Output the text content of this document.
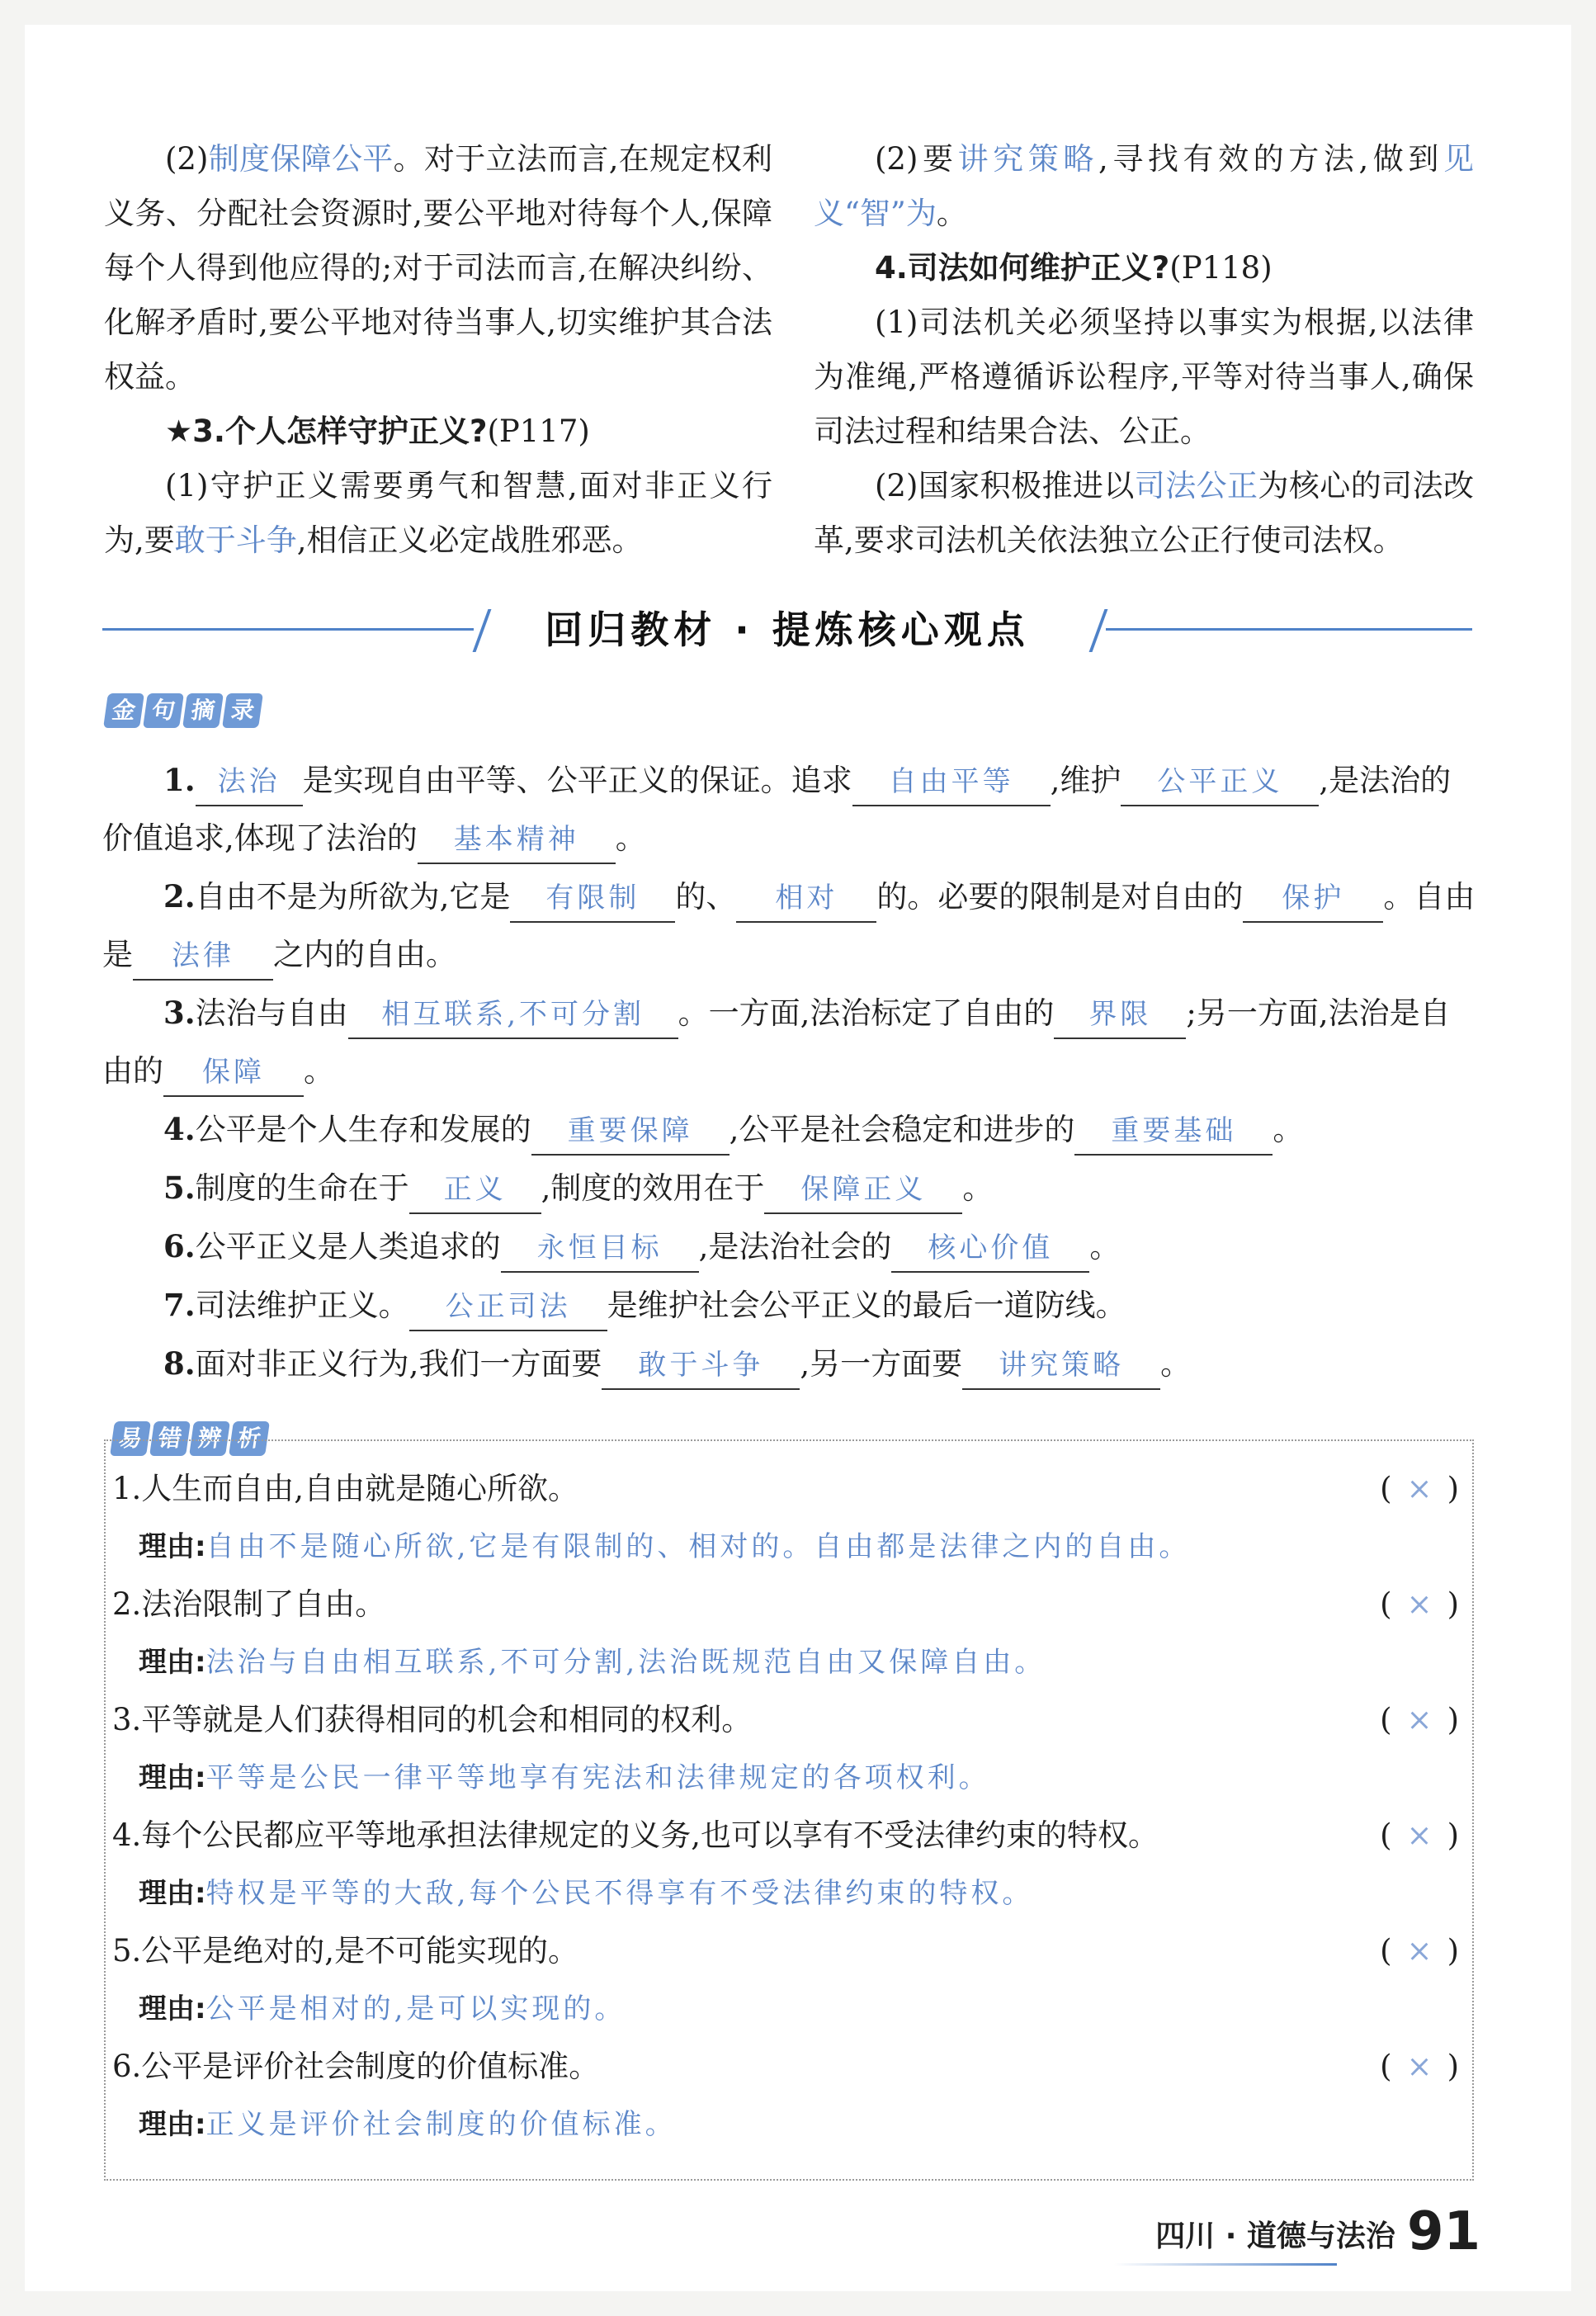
(2)制度保障公平。对于立法而言,在规定权利义务、分配社会资源时,要公平地对待每个人,保障每个人得到他应得的;对于司法而言,在解决纠纷、化解矛盾时,要公平地对待当事人,切实维护其合法权益。

★3.个人怎样守护正义?(P117)

(1)守护正义需要勇气和智慧,面对非正义行为,要敢于斗争,相信正义必定战胜邪恶。

(2)要讲究策略,寻找有效的方法,做到见义“智”为。

4.司法如何维护正义?(P118)

(1)司法机关必须坚持以事实为根据,以法律为准绳,严格遵循诉讼程序,平等对待当事人,确保司法过程和结果合法、公正。

(2)国家积极推进以司法公正为核心的司法改革,要求司法机关依法独立公正行使司法权。

回归教材 · 提炼核心观点
金 句 摘 录

1. 法治 是实现自由平等、公平正义的保证。追求 自由平等 ,维护 公平正义 ,是法治的价值追求,体现了法治的 基本精神 。

2.自由不是为所欲为,它是 有限制 的、 相对 的。必要的限制是对自由的 保护 。自由是 法律 之内的自由。

3.法治与自由 相互联系,不可分割 。一方面,法治标定了自由的 界限 ;另一方面,法治是自由的 保障 。

4.公平是个人生存和发展的 重要保障 ,公平是社会稳定和进步的 重要基础 。

5.制度的生命在于 正义 ,制度的效用在于 保障正义 。

6.公平正义是人类追求的 永恒目标 ,是法治社会的 核心价值 。

7.司法维护正义。 公正司法 是维护社会公平正义的最后一道防线。

8.面对非正义行为,我们一方面要 敢于斗争 ,另一方面要 讲究策略 。

易 错 辨 析
1.人生而自由,自由就是随心所欲。	( × )
理由:自由不是随心所欲,它是有限制的、相对的。自由都是法律之内的自由。
2.法治限制了自由。	( × )
理由:法治与自由相互联系,不可分割,法治既规范自由又保障自由。
3.平等就是人们获得相同的机会和相同的权利。	( × )
理由:平等是公民一律平等地享有宪法和法律规定的各项权利。
4.每个公民都应平等地承担法律规定的义务,也可以享有不受法律约束的特权。	( × )
理由:特权是平等的大敌,每个公民不得享有不受法律约束的特权。
5.公平是绝对的,是不可能实现的。	( × )
理由:公平是相对的,是可以实现的。
6.公平是评价社会制度的价值标准。	( × )
理由:正义是评价社会制度的价值标准。
四川 · 道德与法治 91
